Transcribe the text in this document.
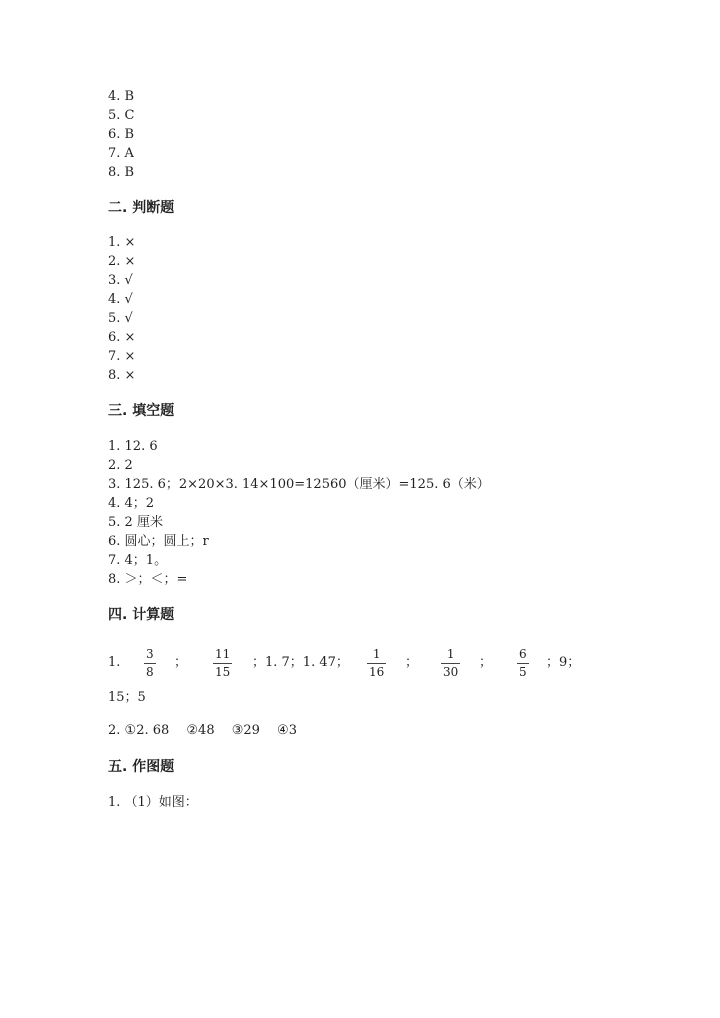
4. B
5. C
6. B
7. A
8. B
二. 判断题
1. ×
2. ×
3. √
4. √
5. √
6. ×
7. ×
8. ×
三. 填空题
1. 12. 6
2. 2
3. 125. 6；2×20×3. 14×100=12560（厘米）=125. 6（米）
4. 4；2
5. 2 厘米
6. 圆心；圆上；r
7. 4；1。
8. ＞；＜；=
四. 计算题
1.
3
8
；
11
15
；1. 7；1. 47；
1
16
；
1
30
；
6
5
；9；
15；5
2. ①2. 68　 ②48　 ③29　 ④3
五. 作图题
1. （1）如图：
